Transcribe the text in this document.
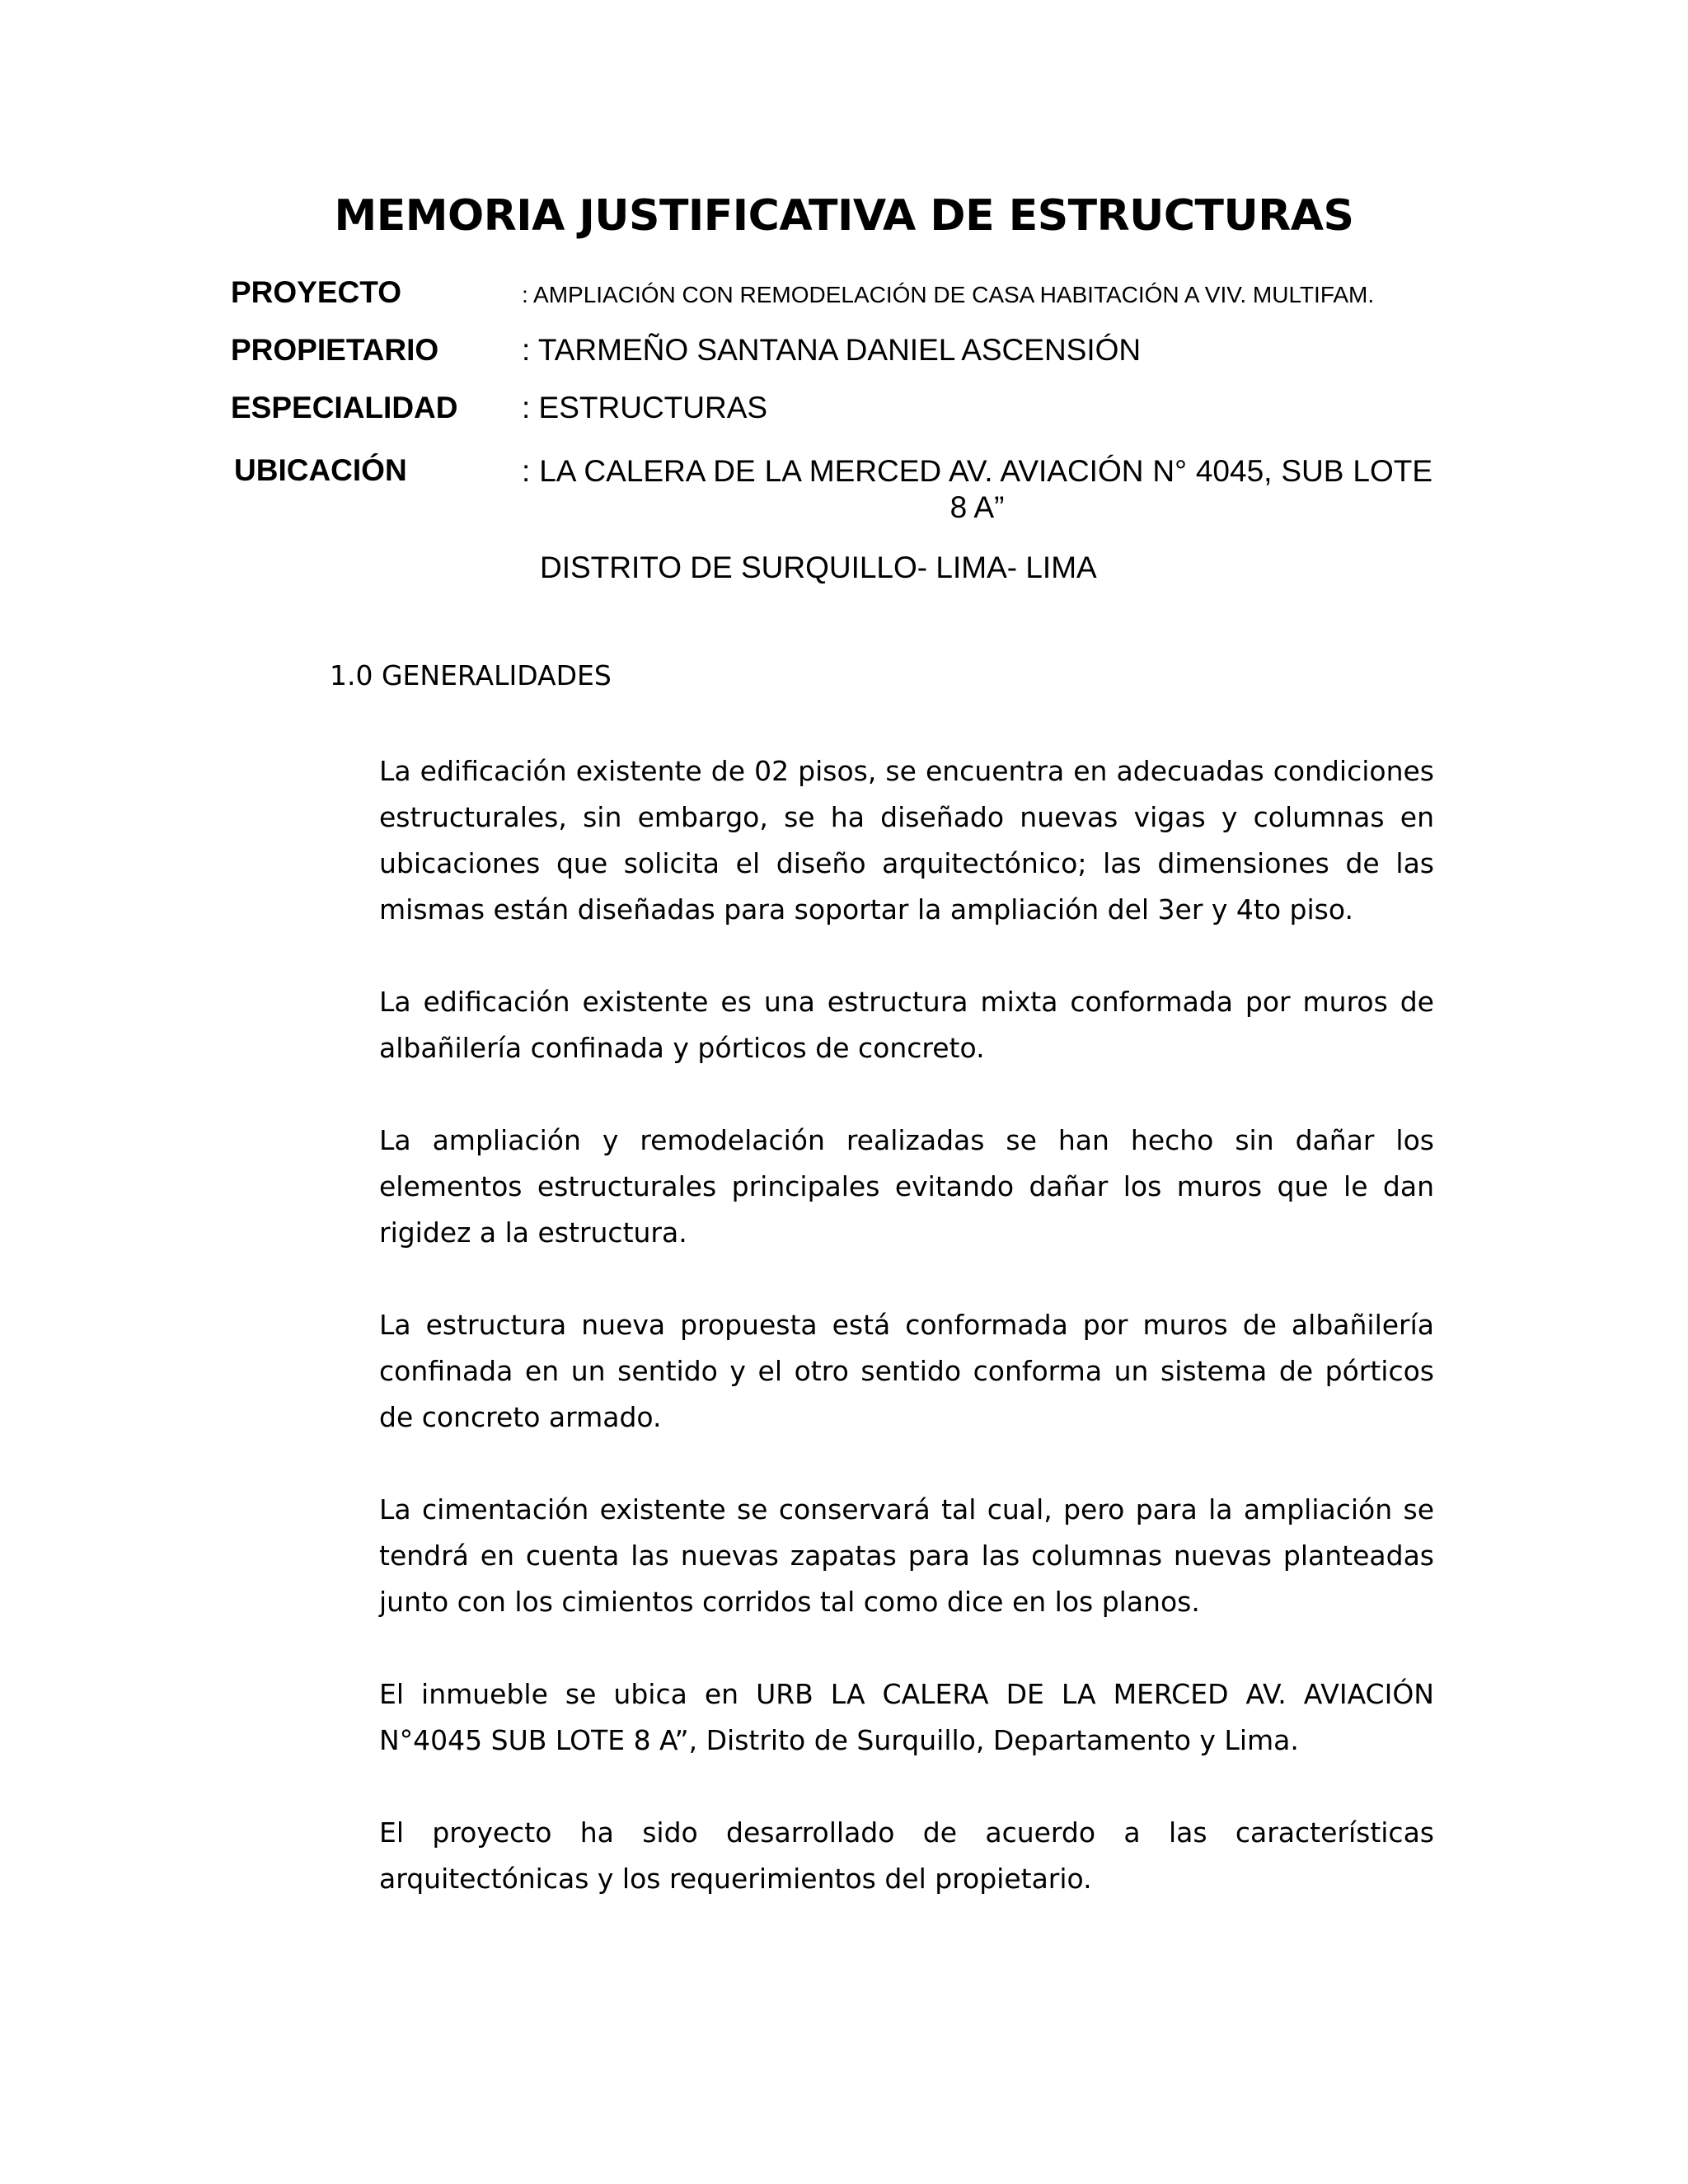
MEMORIA JUSTIFICATIVA DE ESTRUCTURAS
PROYECTO	: AMPLIACIÓN CON REMODELACIÓN DE CASA HABITACIÓN A VIV. MULTIFAM.
PROPIETARIO	: TARMEÑO SANTANA DANIEL ASCENSIÓN
ESPECIALIDAD : ESTRUCTURAS
UBICACIÓN	: LA CALERA DE LA MERCED AV. AVIACIÓN N° 4045, SUB LOTE 8 A”
DISTRITO DE SURQUILLO- LIMA- LIMA
1.0 GENERALIDADES

La edificación existente de 02 pisos, se encuentra en adecuadas condiciones estructurales, sin embargo, se ha diseñado nuevas vigas y columnas en ubicaciones que solicita el diseño arquitectónico; las dimensiones de las mismas están diseñadas para soportar la ampliación del 3er y 4to piso.

La edificación existente es una estructura mixta conformada por muros de albañilería confinada y pórticos de concreto.

La ampliación y remodelación realizadas se han hecho sin dañar los elementos estructurales principales evitando dañar los muros que le dan rigidez a la estructura.

La estructura nueva propuesta está conformada por muros de albañilería confinada en un sentido y el otro sentido conforma un sistema de pórticos de concreto armado.

La cimentación existente se conservará tal cual, pero para la ampliación se tendrá en cuenta las nuevas zapatas para las columnas nuevas planteadas junto con los cimientos corridos tal como dice en los planos.

El inmueble se ubica en URB LA CALERA DE LA MERCED AV. AVIACIÓN N°4045 SUB LOTE 8 A”, Distrito de Surquillo, Departamento y Lima.

El proyecto ha sido desarrollado de acuerdo a las características arquitectónicas y los requerimientos del propietario.
